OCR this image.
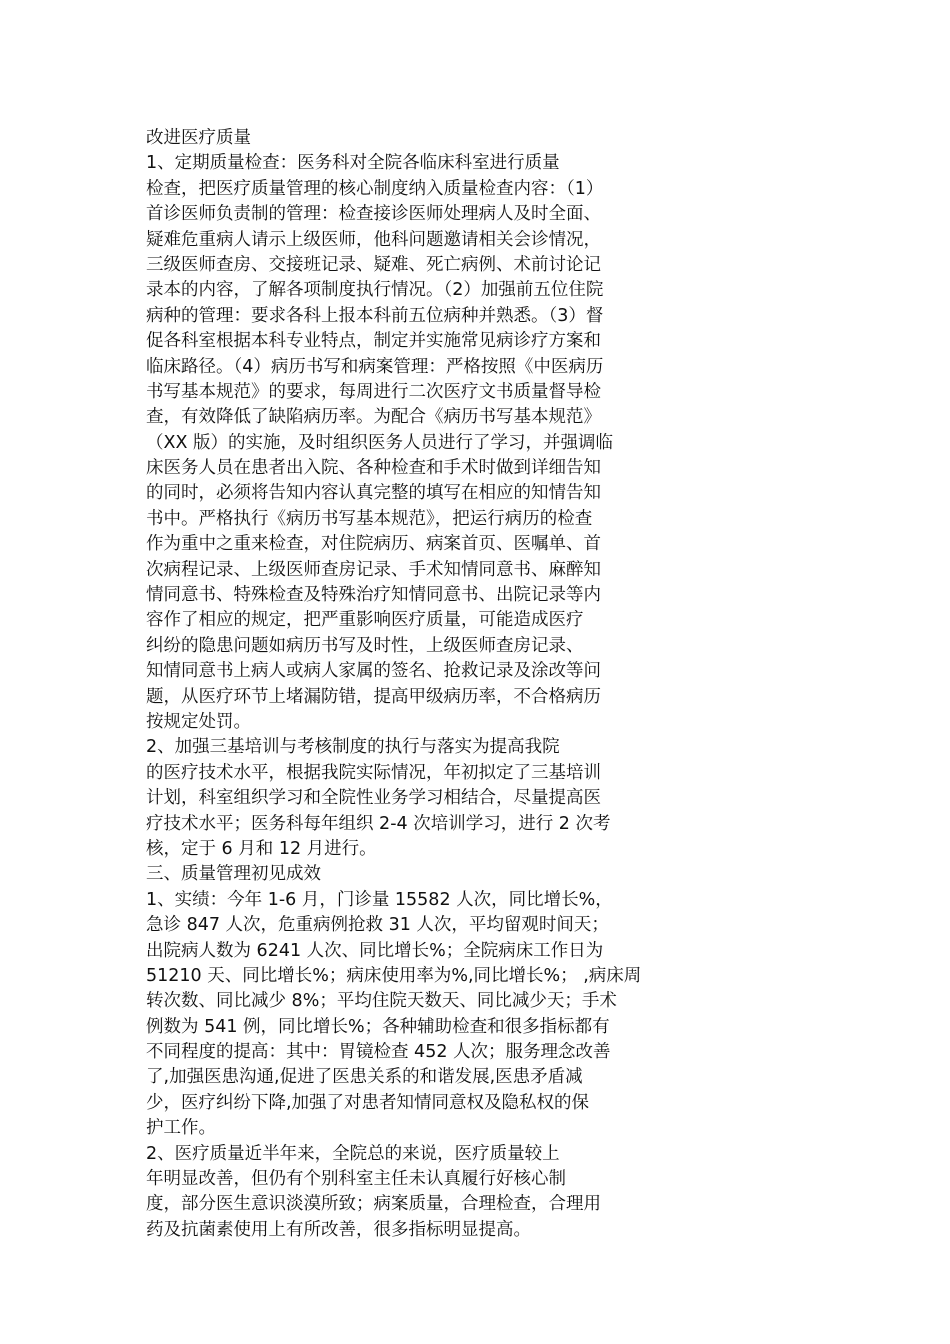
改进医疗质量
1、定期质量检查：医务科对全院各临床科室进行质量
检查，把医疗质量管理的核心制度纳入质量检查内容：（1）
首诊医师负责制的管理：检查接诊医师处理病人及时全面、
疑难危重病人请示上级医师，他科问题邀请相关会诊情况，
三级医师查房、交接班记录、疑难、死亡病例、术前讨论记
录本的内容，了解各项制度执行情况。（2）加强前五位住院
病种的管理：要求各科上报本科前五位病种并熟悉。（3）督
促各科室根据本科专业特点，制定并实施常见病诊疗方案和
临床路径。（4）病历书写和病案管理：严格按照《中医病历
书写基本规范》的要求，每周进行二次医疗文书质量督导检
查，有效降低了缺陷病历率。为配合《病历书写基本规范》
（XX 版）的实施，及时组织医务人员进行了学习，并强调临
床医务人员在患者出入院、各种检查和手术时做到详细告知
的同时，必须将告知内容认真完整的填写在相应的知情告知
书中。严格执行《病历书写基本规范》，把运行病历的检查
作为重中之重来检查，对住院病历、病案首页、医嘱单、首
次病程记录、上级医师查房记录、手术知情同意书、麻醉知
情同意书、特殊检查及特殊治疗知情同意书、出院记录等内
容作了相应的规定，把严重影响医疗质量，可能造成医疗
纠纷的隐患问题如病历书写及时性，上级医师查房记录、
知情同意书上病人或病人家属的签名、抢救记录及涂改等问
题，从医疗环节上堵漏防错，提高甲级病历率，不合格病历
按规定处罚。
2、加强三基培训与考核制度的执行与落实为提高我院
的医疗技术水平，根据我院实际情况，年初拟定了三基培训
计划，科室组织学习和全院性业务学习相结合，尽量提高医
疗技术水平；医务科每年组织 2-4 次培训学习，进行 2 次考
核，定于 6 月和 12 月进行。
三、质量管理初见成效
1、实绩：今年 1-6 月，门诊量 15582 人次，同比增长%，
急诊 847 人次，危重病例抢救 31 人次，平均留观时间天；
出院病人数为 6241 人次、同比增长%；全院病床工作日为
51210 天、同比增长%；病床使用率为%,同比增长%； ,病床周
转次数、同比减少 8%；平均住院天数天、同比减少天；手术
例数为 541 例，同比增长%；各种辅助检查和很多指标都有
不同程度的提高：其中：胃镜检查 452 人次；服务理念改善
了,加强医患沟通,促进了医患关系的和谐发展,医患矛盾减
少，医疗纠纷下降,加强了对患者知情同意权及隐私权的保
护工作。
2、医疗质量近半年来，全院总的来说，医疗质量较上
年明显改善，但仍有个别科室主任未认真履行好核心制
度，部分医生意识淡漠所致；病案质量，合理检查，合理用
药及抗菌素使用上有所改善，很多指标明显提高。
